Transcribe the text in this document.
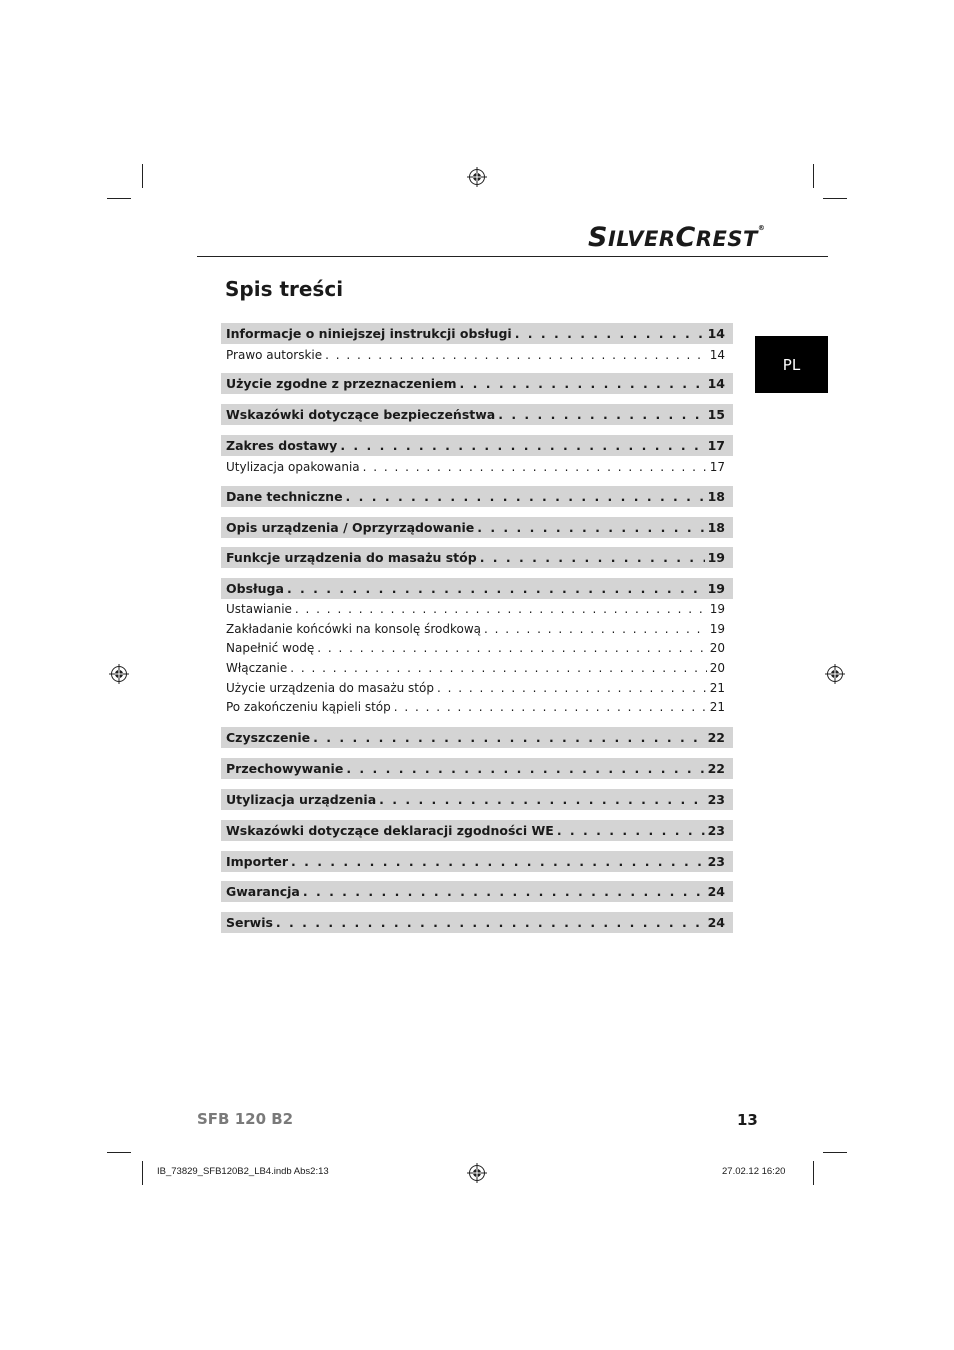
SILVERCREST®
Spis treści
PL
Informacje o niniejszej instrukcji obsługi . . .	14
Prawo autorskie . . .	14
Użycie zgodne z przeznaczeniem . . .	14
Wskazówki dotyczące bezpieczeństwa . . .	15
Zakres dostawy . . .	17
Utylizacja opakowania . . .	17
Dane techniczne . . .	18
Opis urządzenia / Oprzyrządowanie . . .	18
Funkcje urządzenia do masażu stóp . . .	19
Obsługa . . .	19
Ustawianie . . .	19
Zakładanie końcówki na konsolę środkową . . .	19
Napełnić wodę . . .	20
Włączanie . . .	20
Użycie urządzenia do masażu stóp . . .	21
Po zakończeniu kąpieli stóp . . .	21
Czyszczenie . . .	22
Przechowywanie . . .	22
Utylizacja urządzenia . . .	23
Wskazówki dotyczące deklaracji zgodności WE . . .	23
Importer . . .	23
Gwarancja . . .	24
Serwis . . .	24
SFB 120 B2	13
IB_73829_SFB120B2_LB4.indb Abs2:13	27.02.12 16:20
